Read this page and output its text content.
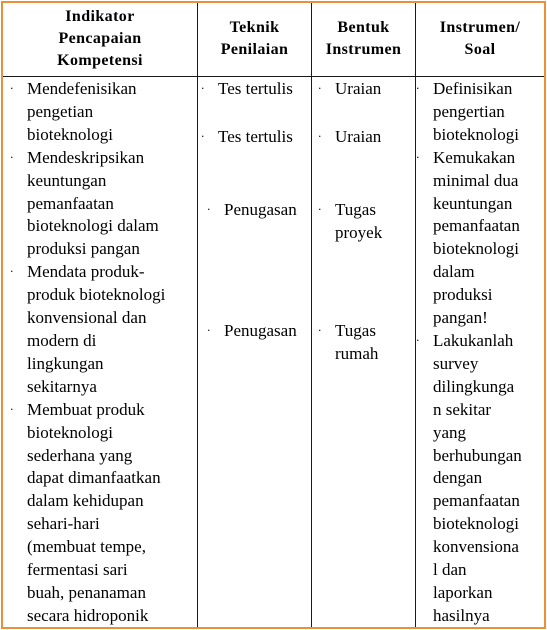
Indikator
Pencapaian
Kompetensi
Teknik
Penilaian
Bentuk
Instrumen
Instrumen/
Soal
· Mendefenisikan
pengetian
bioteknologi
· Mendeskripsikan
keuntungan
pemanfaatan
bioteknologi dalam
produksi pangan
· Mendata produk-
produk bioteknologi
konvensional dan
modern di
lingkungan
sekitarnya
· Membuat produk
bioteknologi
sederhana yang
dapat dimanfaatkan
dalam kehidupan
sehari-hari
(membuat tempe,
fermentasi sari
buah, penanaman
secara hidroponik
· Tes tertulis
· Tes tertulis
· Penugasan
· Penugasan
· Uraian
· Uraian
· Tugas
proyek
· Tugas
rumah
· Definisikan
pengertian
bioteknologi
· Kemukakan
minimal dua
keuntungan
pemanfaatan
bioteknologi
dalam
produksi
pangan!
· Lakukanlah
survey
dilingkunga
n sekitar
yang
berhubungan
dengan
pemanfaatan
bioteknologi
konvensiona
l dan
laporkan
hasilnya
